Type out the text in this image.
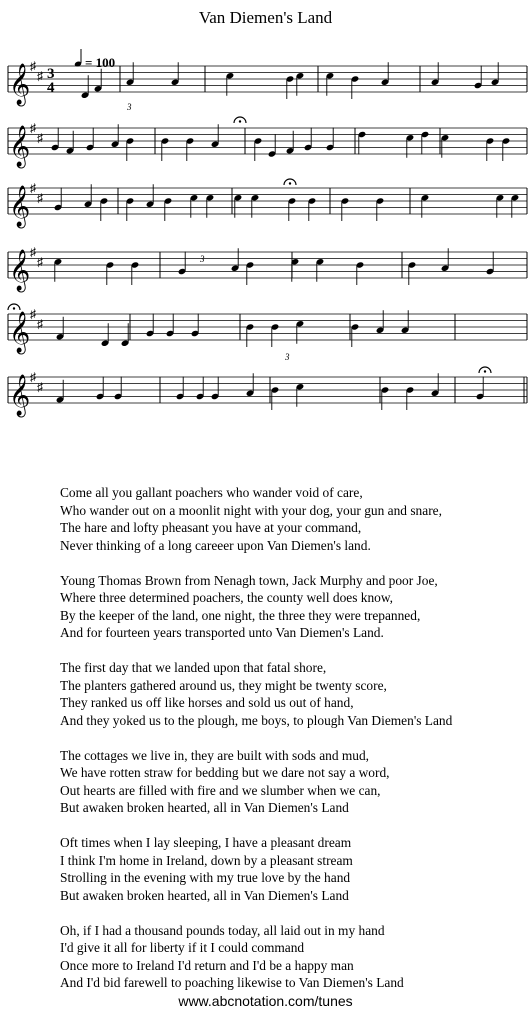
Van Diemen's Land
= 100
𝄞 ♯
♯ 3
4
𝄞 ♯
♯
𝄞 ♯
♯
𝄞 ♯
♯
𝄞 ♯
♯
𝄞 ♯
♯
3
3
3
Come all you gallant poachers who wander void of care,
Who wander out on a moonlit night with your dog, your gun and snare,
The hare and lofty pheasant you have at your command,
Never thinking of a long careeer upon Van Diemen's land.
Young Thomas Brown from Nenagh town, Jack Murphy and poor Joe,
Where three determined poachers, the county well does know,
By the keeper of the land, one night, the three they were trepanned,
And for fourteen years transported unto Van Diemen's Land.
The first day that we landed upon that fatal shore,
The planters gathered around us, they might be twenty score,
They ranked us off like horses and sold us out of hand,
And they yoked us to the plough, me boys, to plough Van Diemen's Land
The cottages we live in, they are built with sods and mud,
We have rotten straw for bedding but we dare not say a word,
Out hearts are filled with fire and we slumber when we can,
But awaken broken hearted, all in Van Diemen's Land
Oft times when I lay sleeping, I have a pleasant dream
I think I'm home in Ireland, down by a pleasant stream
Strolling in the evening with my true love by the hand
But awaken broken hearted, all in Van Diemen's Land
Oh, if I had a thousand pounds today, all laid out in my hand
I'd give it all for liberty if it I could command
Once more to Ireland I'd return and I'd be a happy man
And I'd bid farewell to poaching likewise to Van Diemen's Land
www.abcnotation.com/tunes
